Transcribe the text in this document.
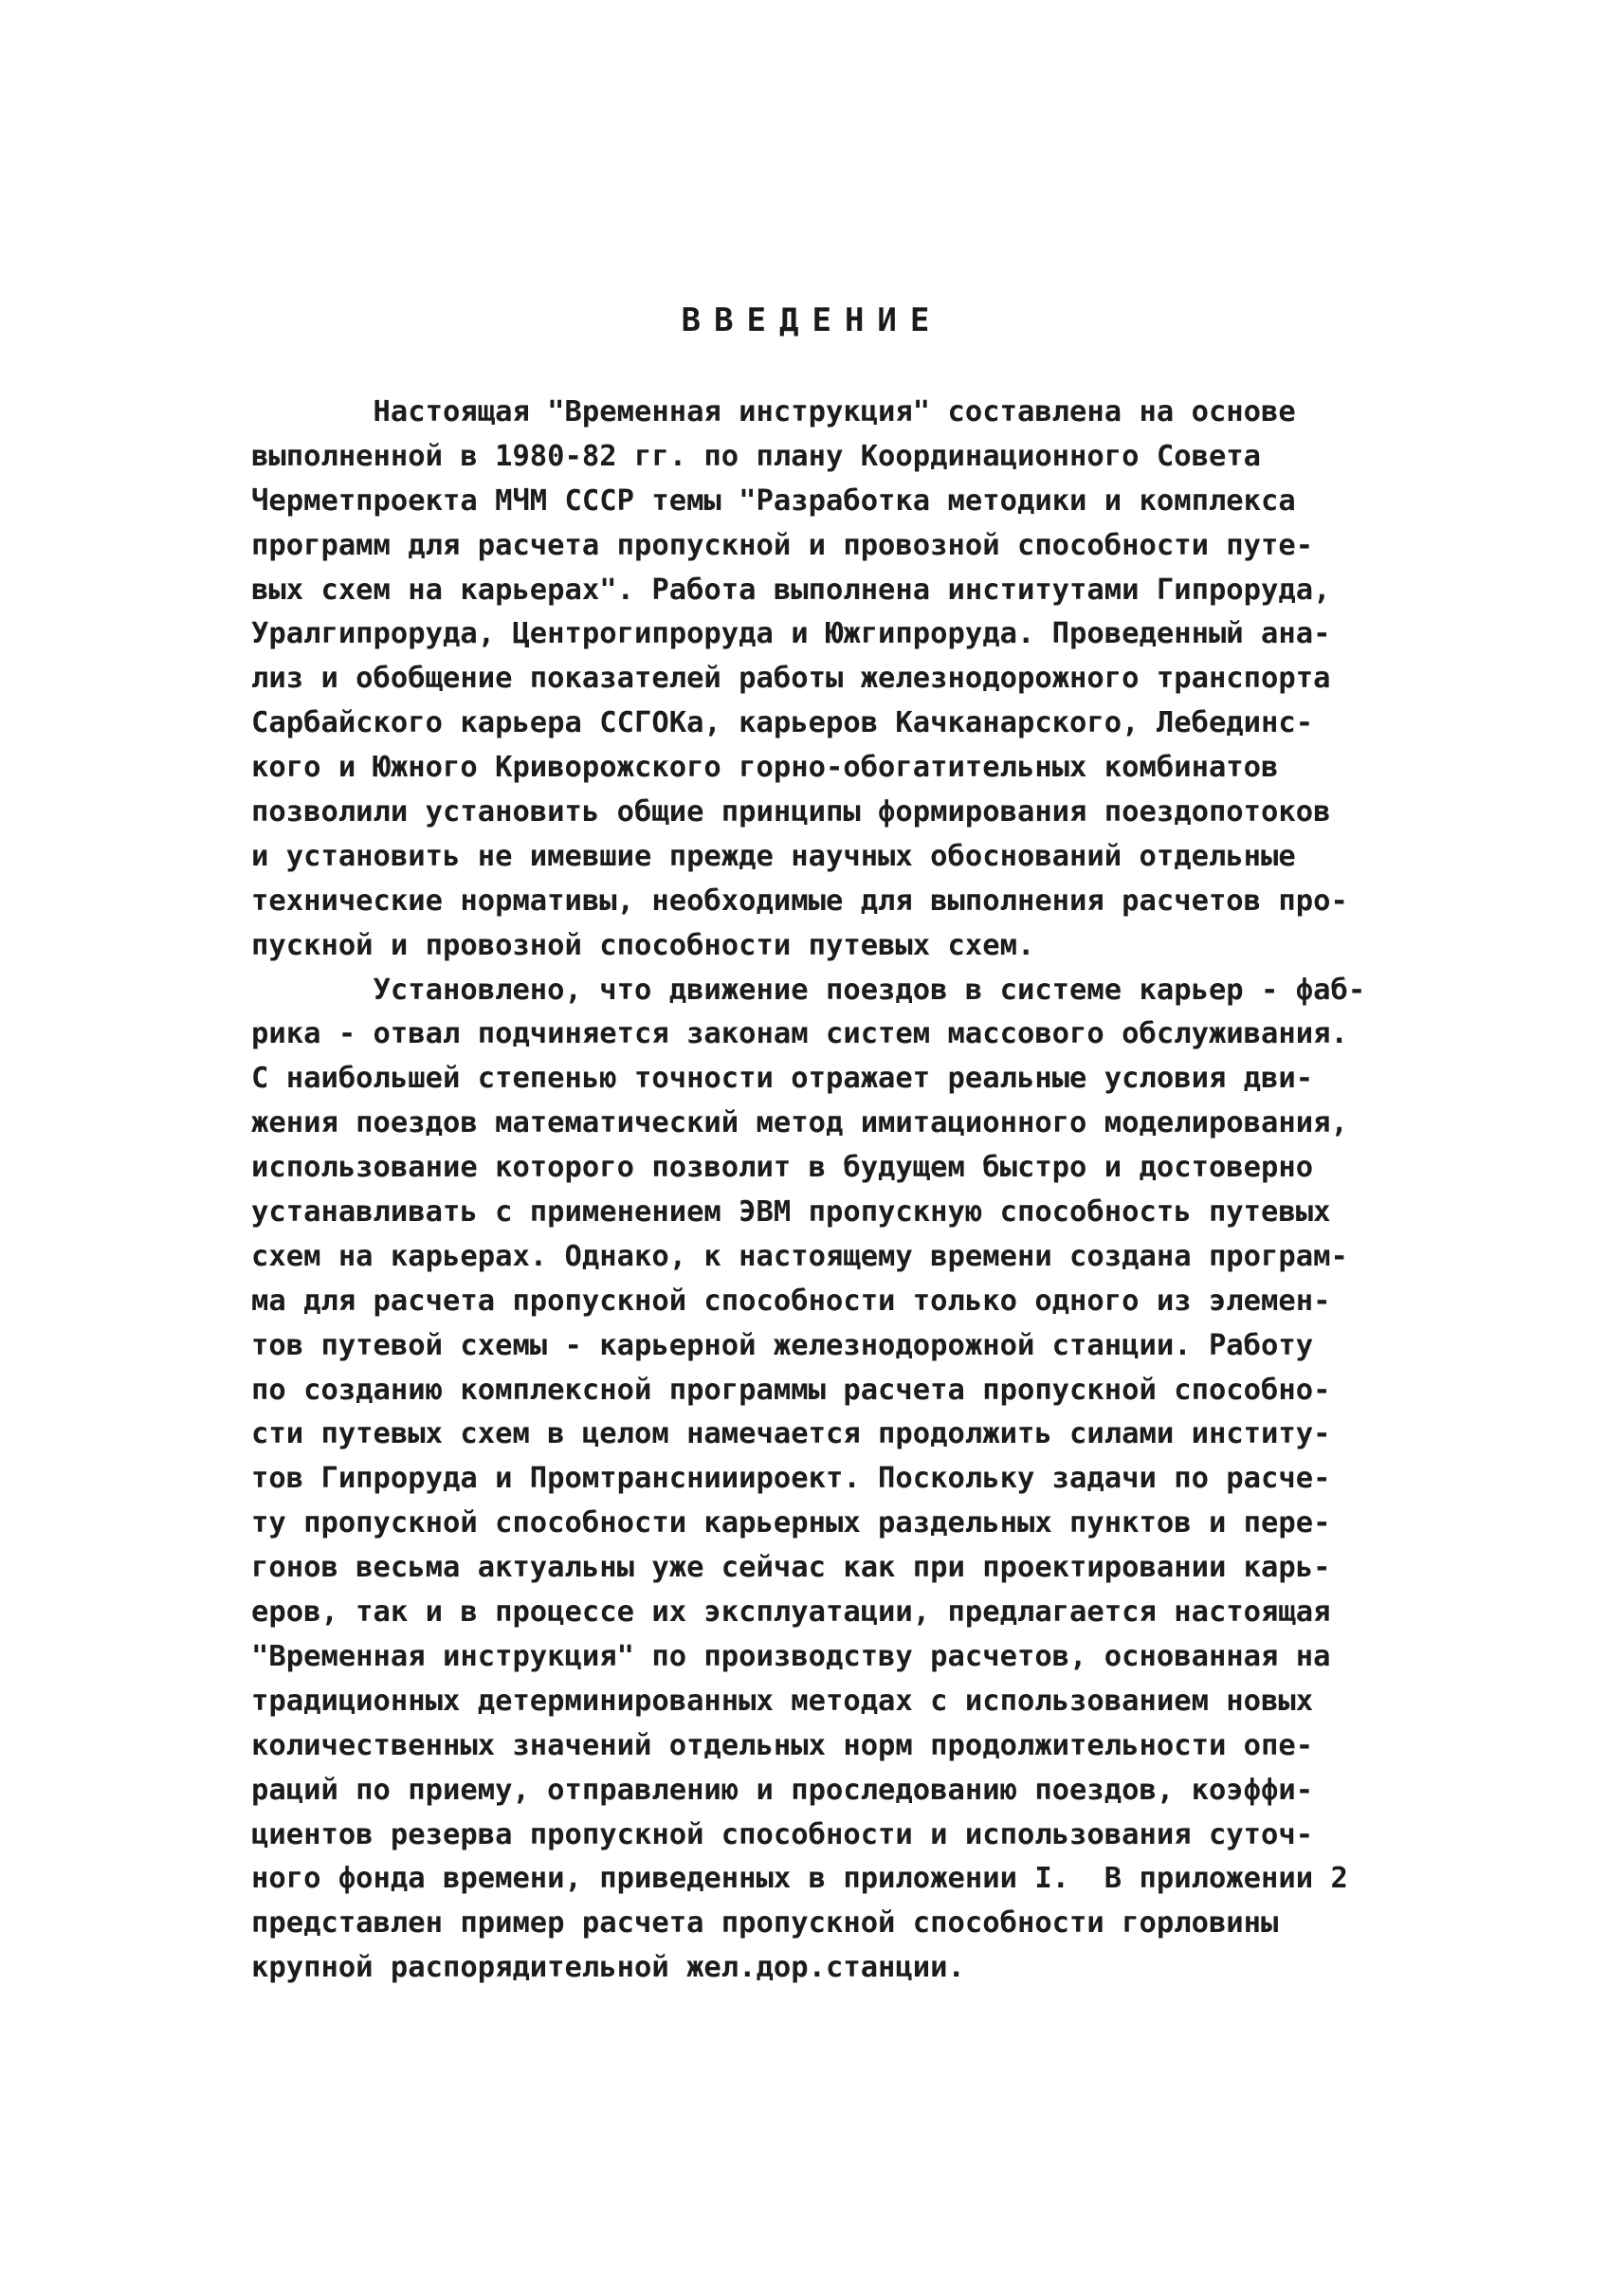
ВВЕДЕНИЕ
Настоящая "Временная инструкция" составлена на основе
выполненной в 1980-82 гг. по плану Координационного Совета
Черметпроекта МЧМ СССР темы "Разработка методики и комплекса
программ для расчета пропускной и провозной способности путе-
вых схем на карьерах". Работа выполнена институтами Гипроруда,
Уралгипроруда, Центрогипроруда и Южгипроруда. Проведенный ана-
лиз и обобщение показателей работы железнодорожного транспорта
Сарбайского карьера ССГОКа, карьеров Качканарского, Лебединс-
кого и Южного Криворожского горно-обогатительных комбинатов
позволили установить общие принципы формирования поездопотоков
и установить не имевшие прежде научных обоснований отдельные
технические нормативы, необходимые для выполнения расчетов про-
пускной и провозной способности путевых схем.
Установлено, что движение поездов в системе карьер - фаб-
рика - отвал подчиняется законам систем массового обслуживания.
С наибольшей степенью точности отражает реальные условия дви-
жения поездов математический метод имитационного моделирования,
использование которого позволит в будущем быстро и достоверно
устанавливать с применением ЭВМ пропускную способность путевых
схем на карьерах. Однако, к настоящему времени создана програм-
ма для расчета пропускной способности только одного из элемен-
тов путевой схемы - карьерной железнодорожной станции. Работу
по созданию комплексной программы расчета пропускной способно-
сти путевых схем в целом намечается продолжить силами институ-
тов Гипроруда и Промтранснииироект. Поскольку задачи по расче-
ту пропускной способности карьерных раздельных пунктов и пере-
гонов весьма актуальны уже сейчас как при проектировании карь-
еров, так и в процессе их эксплуатации, предлагается настоящая
"Временная инструкция" по производству расчетов, основанная на
традиционных детерминированных методах с использованием новых
количественных значений отдельных норм продолжительности опе-
раций по приему, отправлению и проследованию поездов, коэффи-
циентов резерва пропускной способности и использования суточ-
ного фонда времени, приведенных в приложении I.  В приложении 2
представлен пример расчета пропускной способности горловины
крупной распорядительной жел.дор.станции.
